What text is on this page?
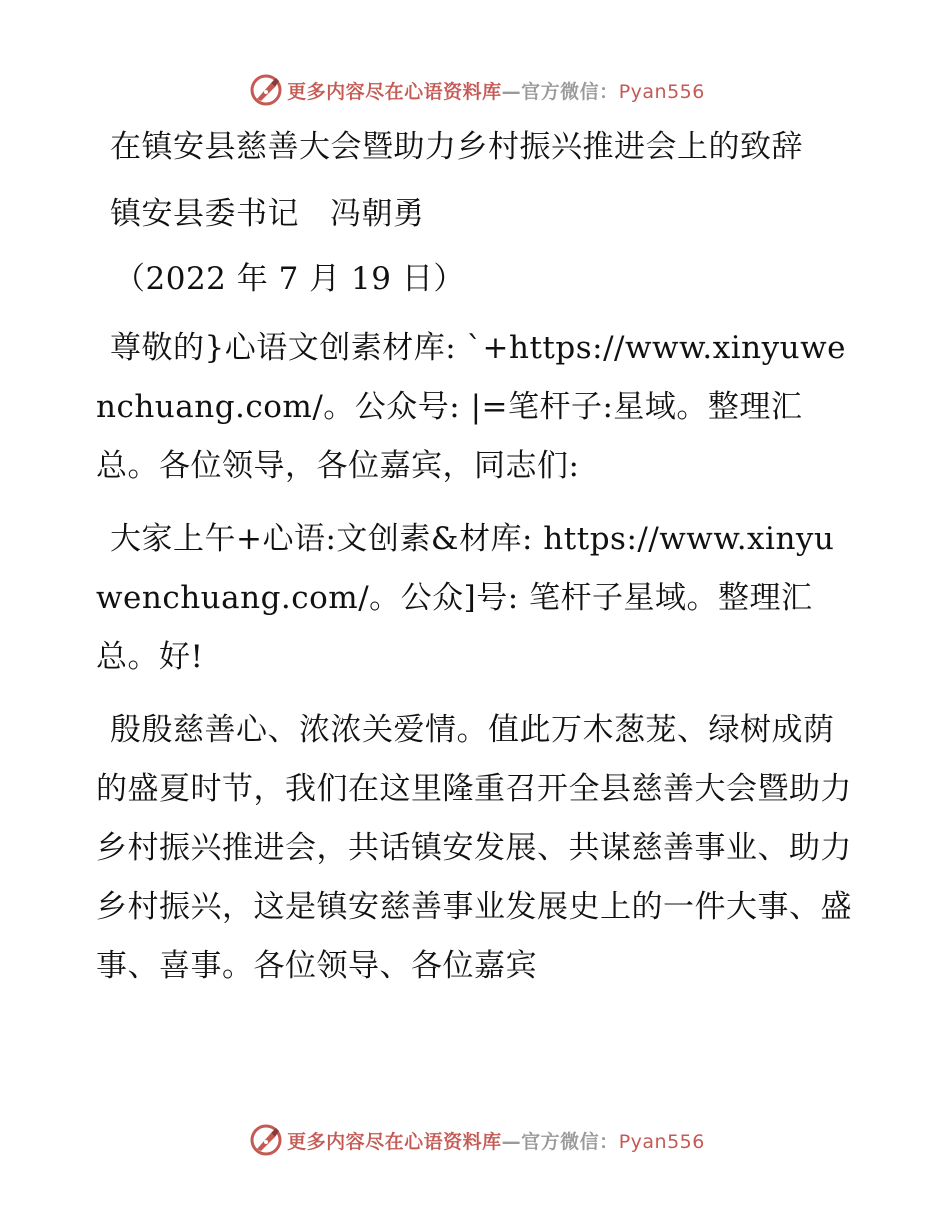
更多内容尽在心语资料库—官方微信：Pyan556

在镇安县慈善大会暨助力乡村振兴推进会上的致辞

镇安县委书记   冯朝勇

（2022 年 7 月 19 日）

尊敬的}心语文创素材库: `+https://www.xinyuwenchuang.com/。公众号: |=笔杆子:星域。整理汇总。各位领导，各位嘉宾，同志们:

大家上午+心语:文创素&材库: https://www.xinyuwenchuang.com/。公众]号: 笔杆子星域。整理汇总。好!

殷殷慈善心、浓浓关爱情。值此万木葱茏、绿树成荫的盛夏时节，我们在这里隆重召开全县慈善大会暨助力乡村振兴推进会，共话镇安发展、共谋慈善事业、助力乡村振兴，这是镇安慈善事业发展史上的一件大事、盛事、喜事。各位领导、各位嘉宾

更多内容尽在心语资料库—官方微信：Pyan556
